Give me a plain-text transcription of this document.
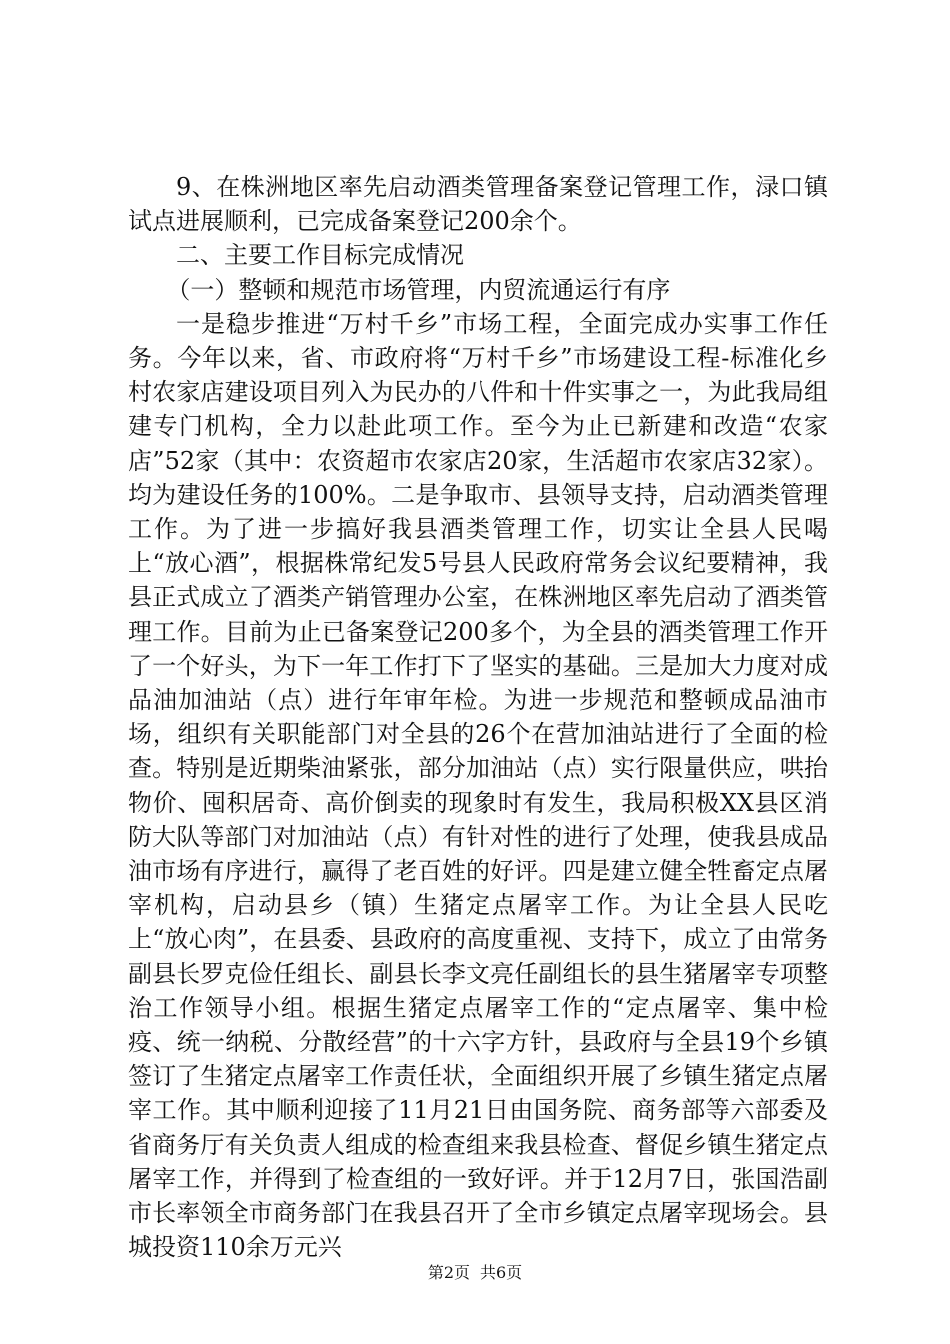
9、在株洲地区率先启动酒类管理备案登记管理工作，渌口镇试点进展顺利，已完成备案登记200余个。

二、主要工作目标完成情况

（一）整顿和规范市场管理，内贸流通运行有序

一是稳步推进“万村千乡”市场工程，全面完成办实事工作任务。今年以来，省、市政府将“万村千乡”市场建设工程-标准化乡村农家店建设项目列入为民办的八件和十件实事之一，为此我局组建专门机构，全力以赴此项工作。至今为止已新建和改造“农家店”52家（其中：农资超市农家店20家，生活超市农家店32家）。均为建设任务的100%。二是争取市、县领导支持，启动酒类管理工作。为了进一步搞好我县酒类管理工作，切实让全县人民喝上“放心酒”，根据株常纪发5号县人民政府常务会议纪要精神，我县正式成立了酒类产销管理办公室，在株洲地区率先启动了酒类管理工作。目前为止已备案登记200多个，为全县的酒类管理工作开了一个好头，为下一年工作打下了坚实的基础。三是加大力度对成品油加油站（点）进行年审年检。为进一步规范和整顿成品油市场，组织有关职能部门对全县的26个在营加油站进行了全面的检查。特别是近期柴油紧张，部分加油站（点）实行限量供应，哄抬物价、囤积居奇、高价倒卖的现象时有发生，我局积极XX县区消防大队等部门对加油站（点）有针对性的进行了处理，使我县成品油市场有序进行，赢得了老百姓的好评。四是建立健全牲畜定点屠宰机构，启动县乡（镇）生猪定点屠宰工作。为让全县人民吃上“放心肉”，在县委、县政府的高度重视、支持下，成立了由常务副县长罗克俭任组长、副县长李文亮任副组长的县生猪屠宰专项整治工作领导小组。根据生猪定点屠宰工作的“定点屠宰、集中检疫、统一纳税、分散经营”的十六字方针，县政府与全县19个乡镇签订了生猪定点屠宰工作责任状，全面组织开展了乡镇生猪定点屠宰工作。其中顺利迎接了11月21日由国务院、商务部等六部委及省商务厅有关负责人组成的检查组来我县检查、督促乡镇生猪定点屠宰工作，并得到了检查组的一致好评。并于12月7日，张国浩副市长率领全市商务部门在我县召开了全市乡镇定点屠宰现场会。县城投资110余万元兴

第2页 共6页
